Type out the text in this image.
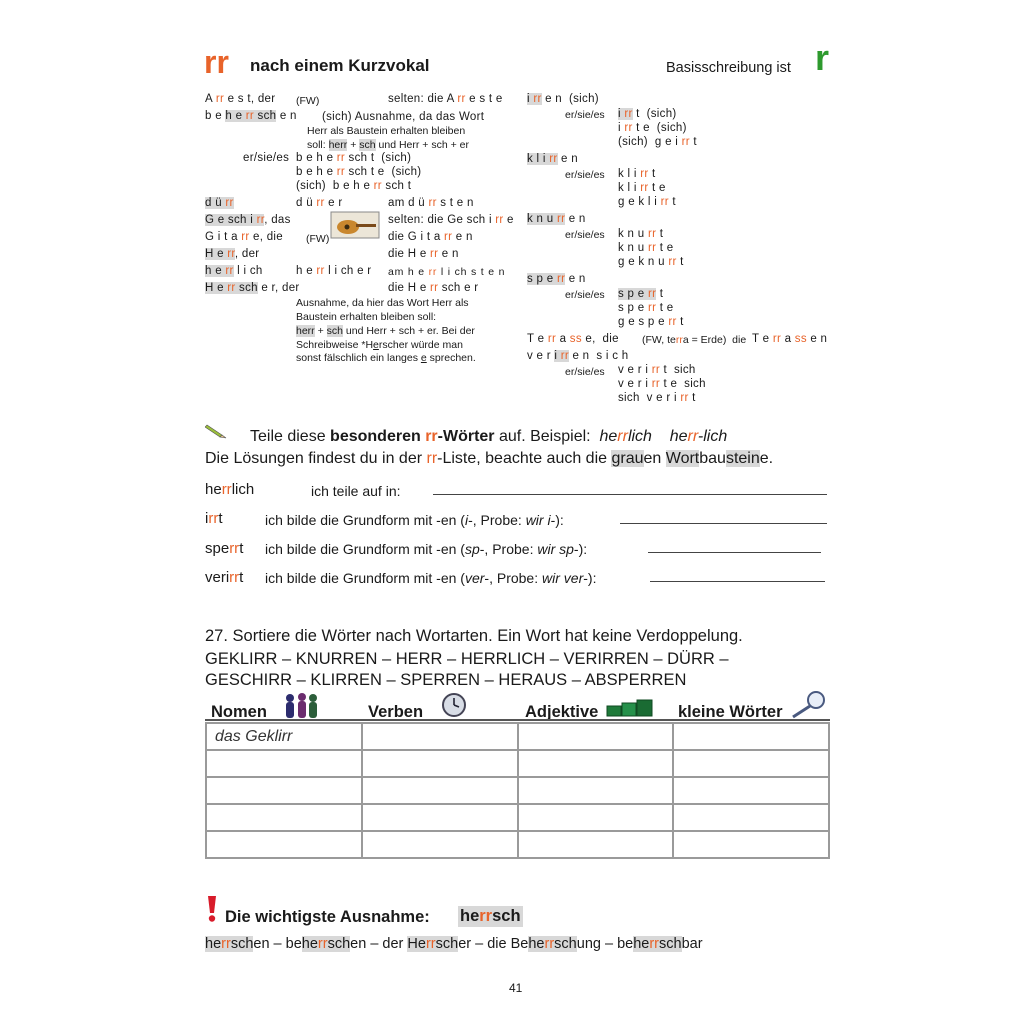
rr nach einem Kurzvokal	Basisschreibung ist r
A rr e s t, der (FW)	selten: die A rr e s t e
b e h e rr sch e n (sich) Ausnahme, da das Wort
Herr als Baustein erhalten bleiben
soll: herr + sch und Herr + sch + er
er/sie/es b e h e rr sch t  (sich)
b e h e rr sch t e  (sich)
(sich)  b e h e rr sch t
d ü rr	d ü rr e r	am d ü rr s t e n
G e sch i rr, das	selten: die Ge sch i rr e
G i t a rr e, die (FW)	die G i t a rr e n
H e rr, der	die H e rr e n
h e rr l i ch	h e rr l i ch e r am h e rr l i ch s t e n
H e rr sch e r, der	die H e rr sch e r
Ausnahme, da hier das Wort Herr als
Baustein erhalten bleiben soll:
herr + sch und Herr + sch + er. Bei der
Schreibweise *Herscher würde man
sonst fälschlich ein langes e sprechen.
i rr e n  (sich)
er/sie/es i rr t  (sich)
i rr t e  (sich)
(sich)  g e i rr t
k l i rr e n
er/sie/es k l i rr t
k l i rr t e
g e k l i rr t
k n u rr e n
er/sie/es k n u rr t
k n u rr t e
g e k n u rr t
s p e rr e n
er/sie/es s p e rr t
s p e rr t e
g e s p e rr t
T e rr a ss e,  die (FW, terra = Erde)  die T e rr a ss e n
v e r i rr e n  s i c h
er/sie/es v e r i rr t  sich
v e r i rr t e  sich
sich  v e r i rr t
Teile diese besonderen rr-Wörter auf. Beispiel:  herrlich herr-lich
Die Lösungen findest du in der rr-Liste, beachte auch die grauen Wortbausteine.
herrlich	ich teile auf in:
irrt	ich bilde die Grundform mit -en (i-, Probe: wir i-):
sperrt ich bilde die Grundform mit -en (sp-, Probe: wir sp-):
verirrt ich bilde die Grundform mit -en (ver-, Probe: wir ver-):
27. Sortiere die Wörter nach Wortarten. Ein Wort hat keine Verdoppelung.
GEKLIRR – KNURREN – HERR – HERRLICH – VERIRREN – DÜRR –
GESCHIRR – KLIRREN – SPERREN – HERAUS – ABSPERREN
Nomen	Verben	Adjektive	kleine Wörter
das Geklirr			

Die wichtigste Ausnahme: herrsch
herrschen – beherrschen – der Herrscher – die Beherrschung – beherrschbar
41
